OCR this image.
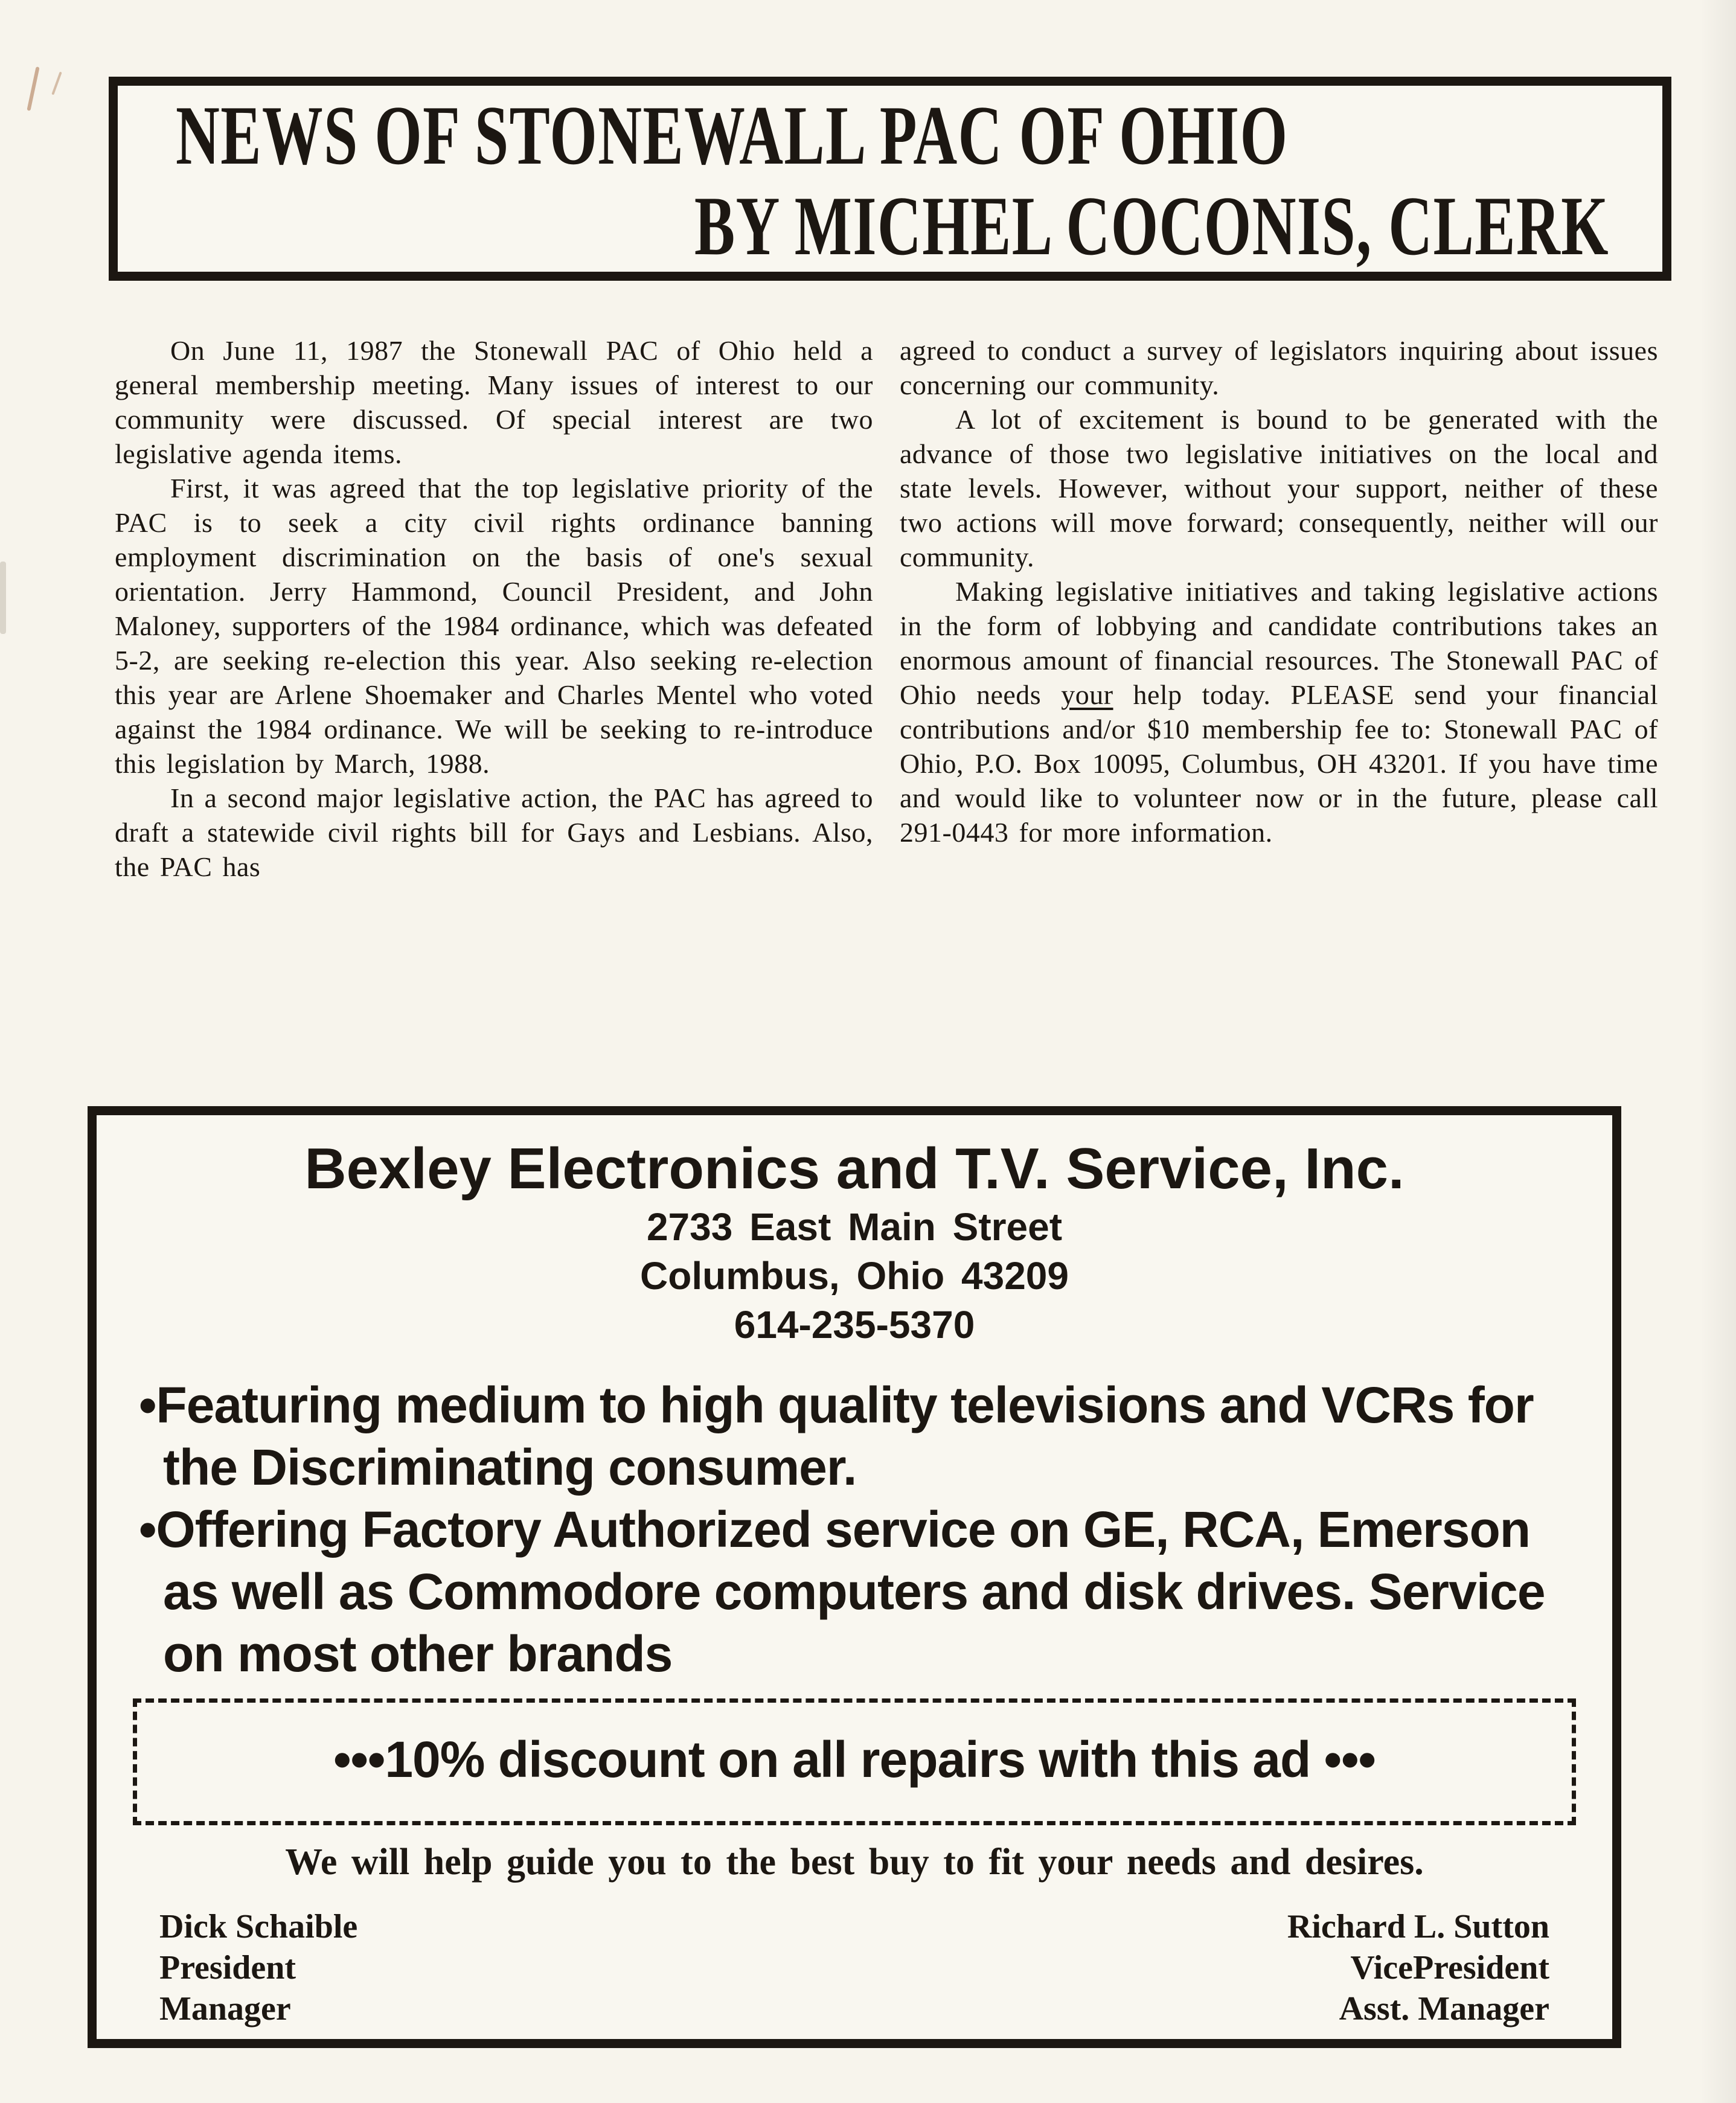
NEWS OF STONEWALL PAC OF OHIO
BY MICHEL COCONIS, CLERK

On June 11, 1987 the Stonewall PAC of Ohio held a general membership meeting. Many issues of interest to our community were discussed. Of special interest are two legislative agenda items.

First, it was agreed that the top legislative priority of the PAC is to seek a city civil rights ordinance banning employment discrimination on the basis of one's sexual orientation. Jerry Hammond, Council President, and John Maloney, supporters of the 1984 ordinance, which was defeated 5-2, are seeking re-election this year. Also seeking re-election this year are Arlene Shoemaker and Charles Mentel who voted against the 1984 ordinance. We will be seeking to re-introduce this legislation by March, 1988.

In a second major legislative action, the PAC has agreed to draft a statewide civil rights bill for Gays and Lesbians. Also, the PAC has

agreed to conduct a survey of legislators inquiring about issues concerning our community.

A lot of excitement is bound to be generated with the advance of those two legislative initiatives on the local and state levels. However, without your support, neither of these two actions will move forward; consequently, neither will our community.

Making legislative initiatives and taking legislative actions in the form of lobbying and candidate contributions takes an enormous amount of financial resources. The Stonewall PAC of Ohio needs your help today. PLEASE send your financial contributions and/or $10 membership fee to: Stonewall PAC of Ohio, P.O. Box 10095, Columbus, OH 43201. If you have time and would like to volunteer now or in the future, please call 291-0443 for more information.

Bexley Electronics and T.V. Service, Inc.
2733 East Main Street
Columbus, Ohio 43209
614-235-5370

•Featuring medium to high quality televisions and VCRs for the Discriminating consumer.

•Offering Factory Authorized service on GE, RCA, Emerson as well as Commodore computers and disk drives. Service on most other brands

•••10% discount on all repairs with this ad •••
We will help guide you to the best buy to fit your needs and desires.
Dick Schaible
President
Manager
Richard L. Sutton
VicePresident
Asst. Manager
